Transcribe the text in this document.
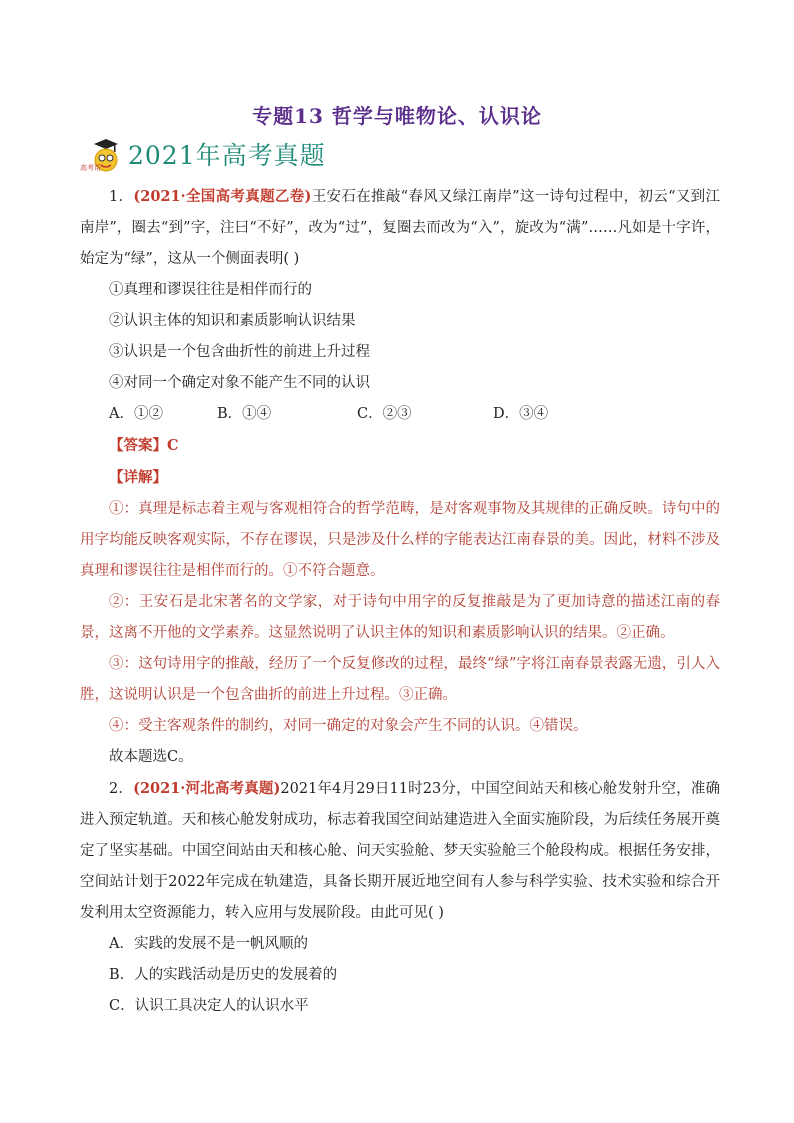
专题13 哲学与唯物论、认识论
高考帮 2021年高考真题

1．(2021·全国高考真题乙卷)王安石在推敲“春风又绿江南岸”这一诗句过程中，初云“又到江南岸”，圈去“到”字，注曰“不好”，改为“过”，复圈去而改为“入”，旋改为“满”……凡如是十字许，始定为“绿”，这从一个侧面表明( )

①真理和谬误往往是相伴而行的

②认识主体的知识和素质影响认识结果

③认识是一个包含曲折性的前进上升过程

④对同一个确定对象不能产生不同的认识

A．①②	B．①④	C．②③	D．③④

【答案】C

【详解】

①：真理是标志着主观与客观相符合的哲学范畴，是对客观事物及其规律的正确反映。诗句中的用字均能反映客观实际，不存在谬误，只是涉及什么样的字能表达江南春景的美。因此，材料不涉及真理和谬误往往是相伴而行的。①不符合题意。

②：王安石是北宋著名的文学家，对于诗句中用字的反复推敲是为了更加诗意的描述江南的春景，这离不开他的文学素养。这显然说明了认识主体的知识和素质影响认识的结果。②正确。

③：这句诗用字的推敲，经历了一个反复修改的过程，最终“绿”字将江南春景表露无遗，引人入胜，这说明认识是一个包含曲折的前进上升过程。③正确。

④：受主客观条件的制约，对同一确定的对象会产生不同的认识。④错误。

故本题选C。

2．(2021·河北高考真题)2021年4月29日11时23分，中国空间站天和核心舱发射升空，准确进入预定轨道。天和核心舱发射成功，标志着我国空间站建造进入全面实施阶段，为后续任务展开奠定了坚实基础。中国空间站由天和核心舱、问天实验舱、梦天实验舱三个舱段构成。根据任务安排，空间站计划于2022年完成在轨建造，具备长期开展近地空间有人参与科学实验、技术实验和综合开发利用太空资源能力，转入应用与发展阶段。由此可见( )

A．实践的发展不是一帆风顺的

B．人的实践活动是历史的发展着的

C．认识工具决定人的认识水平
